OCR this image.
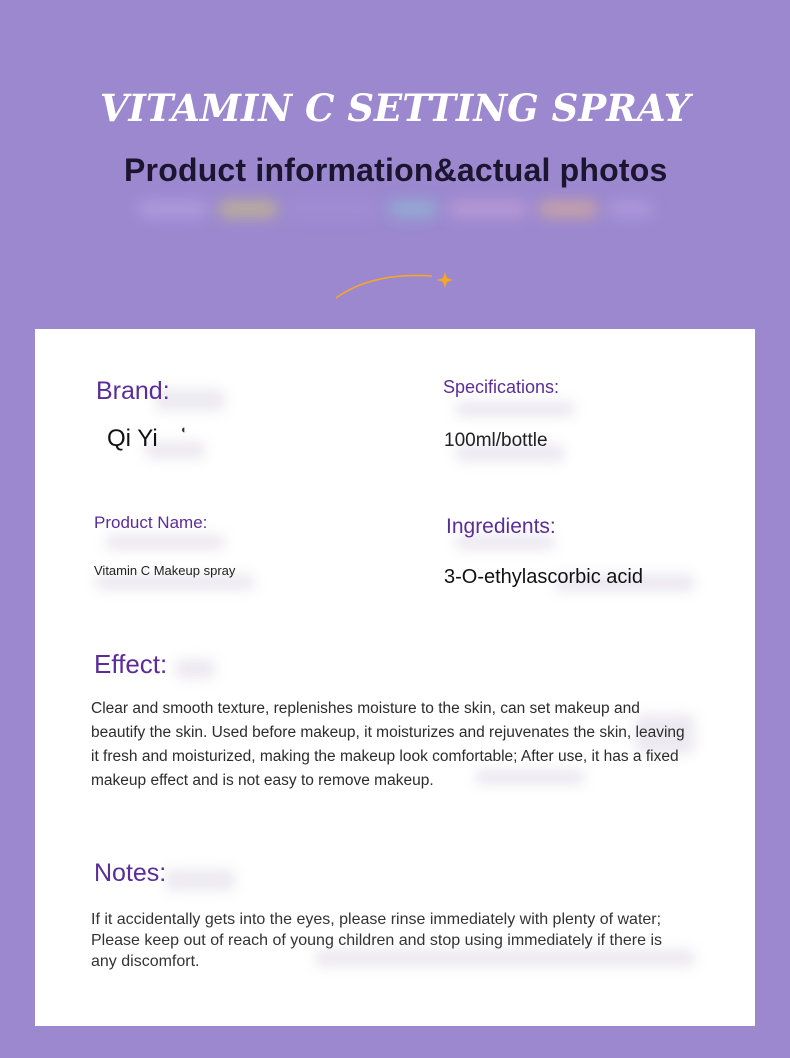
VITAMIN C SETTING SPRAY
Product information&actual photos

Brand:

Qi Yi ◐

Specifications:

100ml/bottle

Product Name:

Vitamin C Makeup spray

Ingredients:

3-O-ethylascorbic acid

Effect:

Clear and smooth texture, replenishes moisture to the skin, can set makeup and beautify the skin. Used before makeup, it moisturizes and rejuvenates the skin, leaving it fresh and moisturized, making the makeup look comfortable; After use, it has a fixed makeup effect and is not easy to remove makeup.

Notes:

If it accidentally gets into the eyes, please rinse immediately with plenty of water; Please keep out of reach of young children and stop using immediately if there is any discomfort.
